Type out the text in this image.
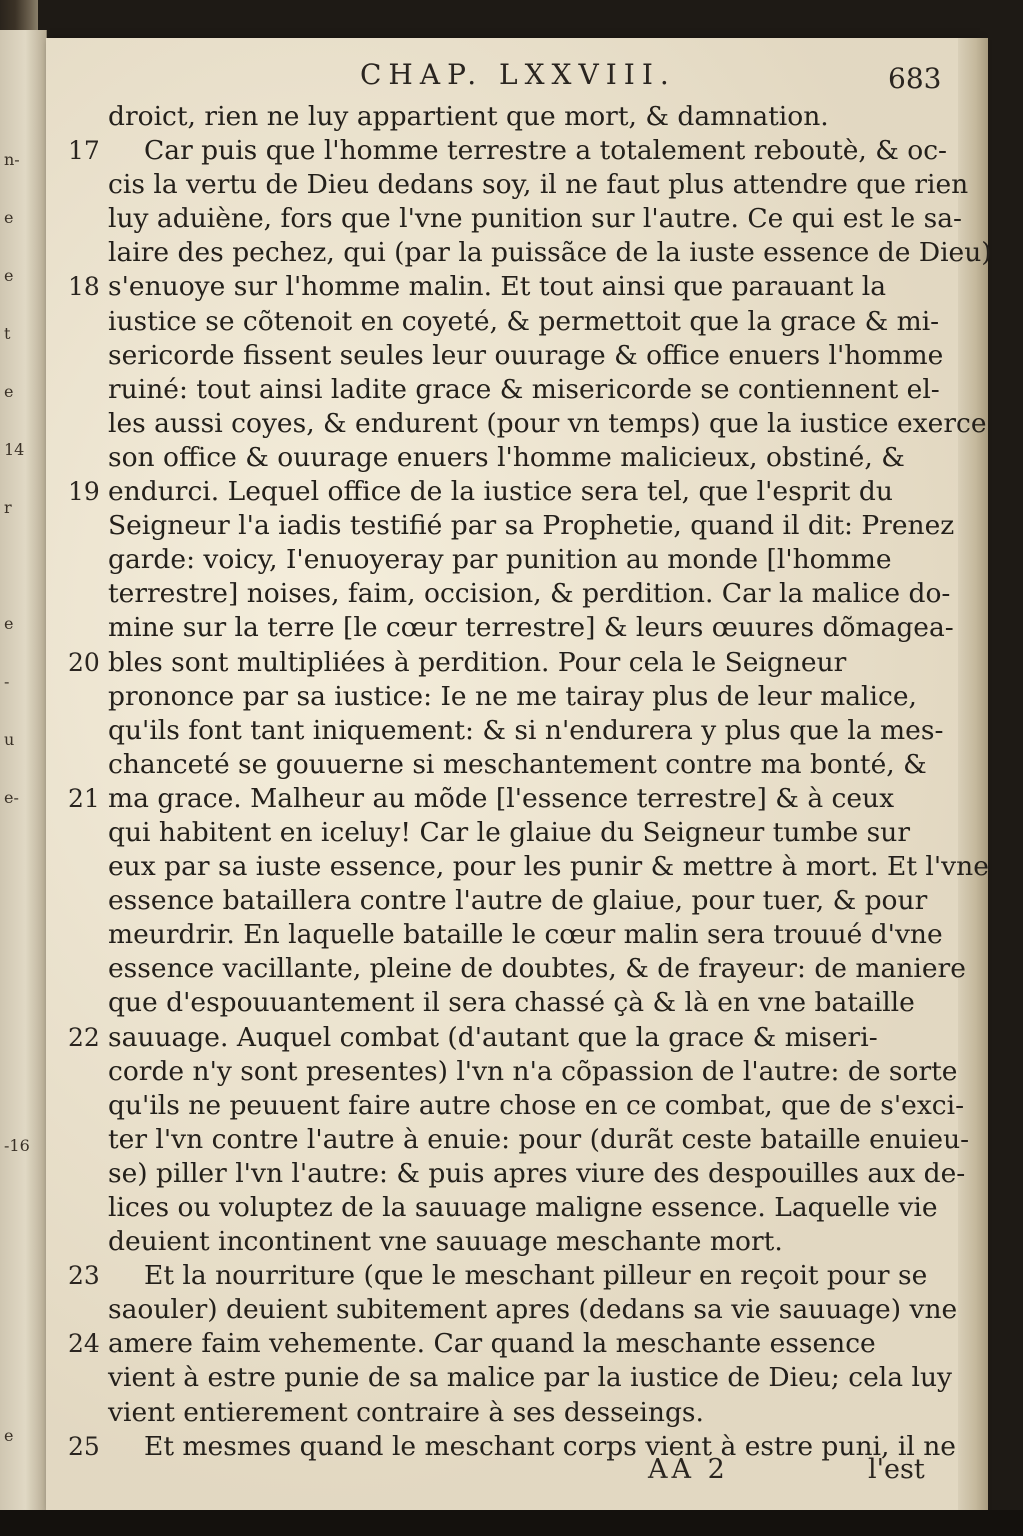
n-
e
e
t
e
14
r
e
-
u
e-
-16
e
CHAP. LXXVIII.	683
droict, rien ne luy appartient que mort, & damnation.
17 Car puis que l'homme terrestre a totalement reboutè, & oc-
cis la vertu de Dieu dedans soy, il ne faut plus attendre que rien
luy aduiène, fors que l'vne punition sur l'autre. Ce qui est le sa-
laire des pechez, qui (par la puissãce de la iuste essence de Dieu)
18 s'enuoye sur l'homme malin. Et tout ainsi que parauant la
iustice se cõtenoit en coyeté, & permettoit que la grace & mi-
sericorde fissent seules leur ouurage & office enuers l'homme
ruiné: tout ainsi ladite grace & misericorde se contiennent el-
les aussi coyes, & endurent (pour vn temps) que la iustice exerce
son office & ouurage enuers l'homme malicieux, obstiné, &
19 endurci. Lequel office de la iustice sera tel, que l'esprit du
Seigneur l'a iadis testifié par sa Prophetie, quand il dit: Prenez
garde: voicy, I'enuoyeray par punition au monde [l'homme
terrestre] noises, faim, occision, & perdition. Car la malice do-
mine sur la terre [le cœur terrestre] & leurs œuures dõmagea-
20 bles sont multipliées à perdition. Pour cela le Seigneur
prononce par sa iustice: Ie ne me tairay plus de leur malice,
qu'ils font tant iniquement: & si n'endurera y plus que la mes-
chanceté se gouuerne si meschantement contre ma bonté, &
21 ma grace. Malheur au mõde [l'essence terrestre] & à ceux
qui habitent en iceluy! Car le glaiue du Seigneur tumbe sur
eux par sa iuste essence, pour les punir & mettre à mort. Et l'vne
essence bataillera contre l'autre de glaiue, pour tuer, & pour
meurdrir. En laquelle bataille le cœur malin sera trouué d'vne
essence vacillante, pleine de doubtes, & de frayeur: de maniere
que d'espouuantement il sera chassé çà & là en vne bataille
22 sauuage. Auquel combat (d'autant que la grace & miseri-
corde n'y sont presentes) l'vn n'a cõpassion de l'autre: de sorte
qu'ils ne peuuent faire autre chose en ce combat, que de s'exci-
ter l'vn contre l'autre à enuie: pour (durãt ceste bataille enuieu-
se) piller l'vn l'autre: & puis apres viure des despouilles aux de-
lices ou voluptez de la sauuage maligne essence. Laquelle vie
deuient incontinent vne sauuage meschante mort.
23 Et la nourriture (que le meschant pilleur en reçoit pour se
saouler) deuient subitement apres (dedans sa vie sauuage) vne
24 amere faim vehemente. Car quand la meschante essence
vient à estre punie de sa malice par la iustice de Dieu; cela luy
vient entierement contraire à ses desseings.
25 Et mesmes quand le meschant corps vient à estre puni, il ne
AA 2	l'est
